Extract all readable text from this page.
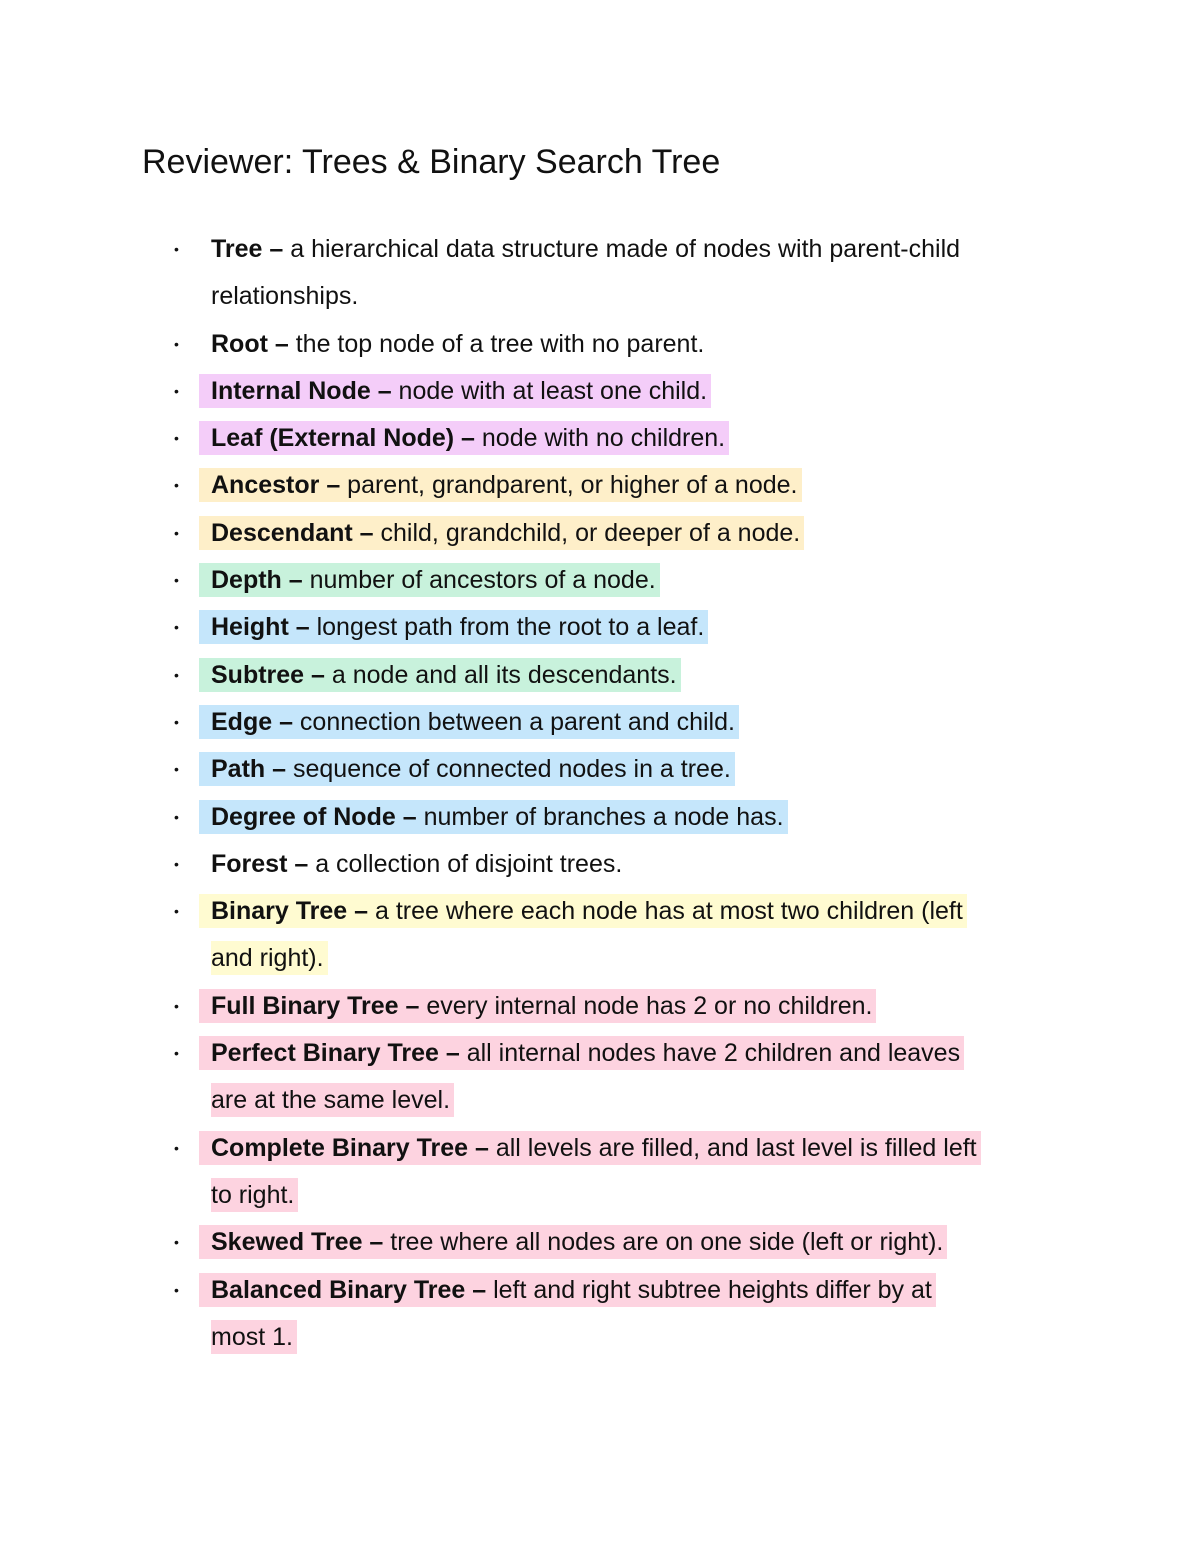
Reviewer: Trees & Binary Search Tree
• Tree – a hierarchical data structure made of nodes with parent-child
relationships.
• Root – the top node of a tree with no parent.
• Internal Node – node with at least one child.
• Leaf (External Node) – node with no children.
• Ancestor – parent, grandparent, or higher of a node.
• Descendant – child, grandchild, or deeper of a node.
• Depth – number of ancestors of a node.
• Height – longest path from the root to a leaf.
• Subtree – a node and all its descendants.
• Edge – connection between a parent and child.
• Path – sequence of connected nodes in a tree.
• Degree of Node – number of branches a node has.
• Forest – a collection of disjoint trees.
• Binary Tree – a tree where each node has at most two children (left
and right).
• Full Binary Tree – every internal node has 2 or no children.
• Perfect Binary Tree – all internal nodes have 2 children and leaves
are at the same level.
• Complete Binary Tree – all levels are filled, and last level is filled left
to right.
• Skewed Tree – tree where all nodes are on one side (left or right).
• Balanced Binary Tree – left and right subtree heights differ by at
most 1.
